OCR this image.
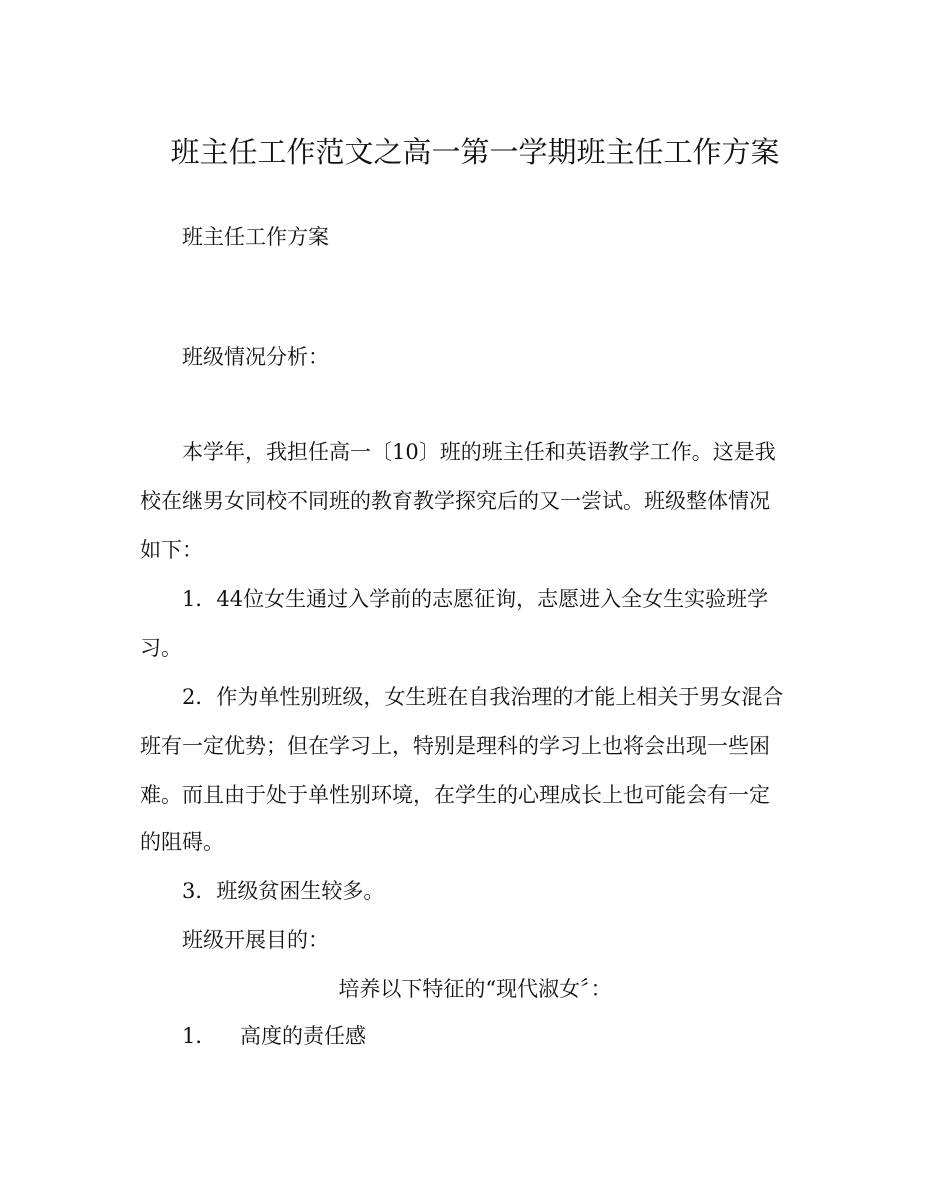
班主任工作范文之高一第一学期班主任工作方案
班主任工作方案
班级情况分析：
本学年，我担任高一〔10〕班的班主任和英语教学工作。这是我
校在继男女同校不同班的教育教学探究后的又一尝试。班级整体情况
如下：
1．44位女生通过入学前的志愿征询，志愿进入全女生实验班学
习。
2．作为单性别班级，女生班在自我治理的才能上相关于男女混合
班有一定优势；但在学习上，特别是理科的学习上也将会出现一些困
难。而且由于处于单性别环境，在学生的心理成长上也可能会有一定
的阻碍。
3．班级贫困生较多。
班级开展目的：
培养以下特征的“现代淑女〞：
1． 高度的责任感
